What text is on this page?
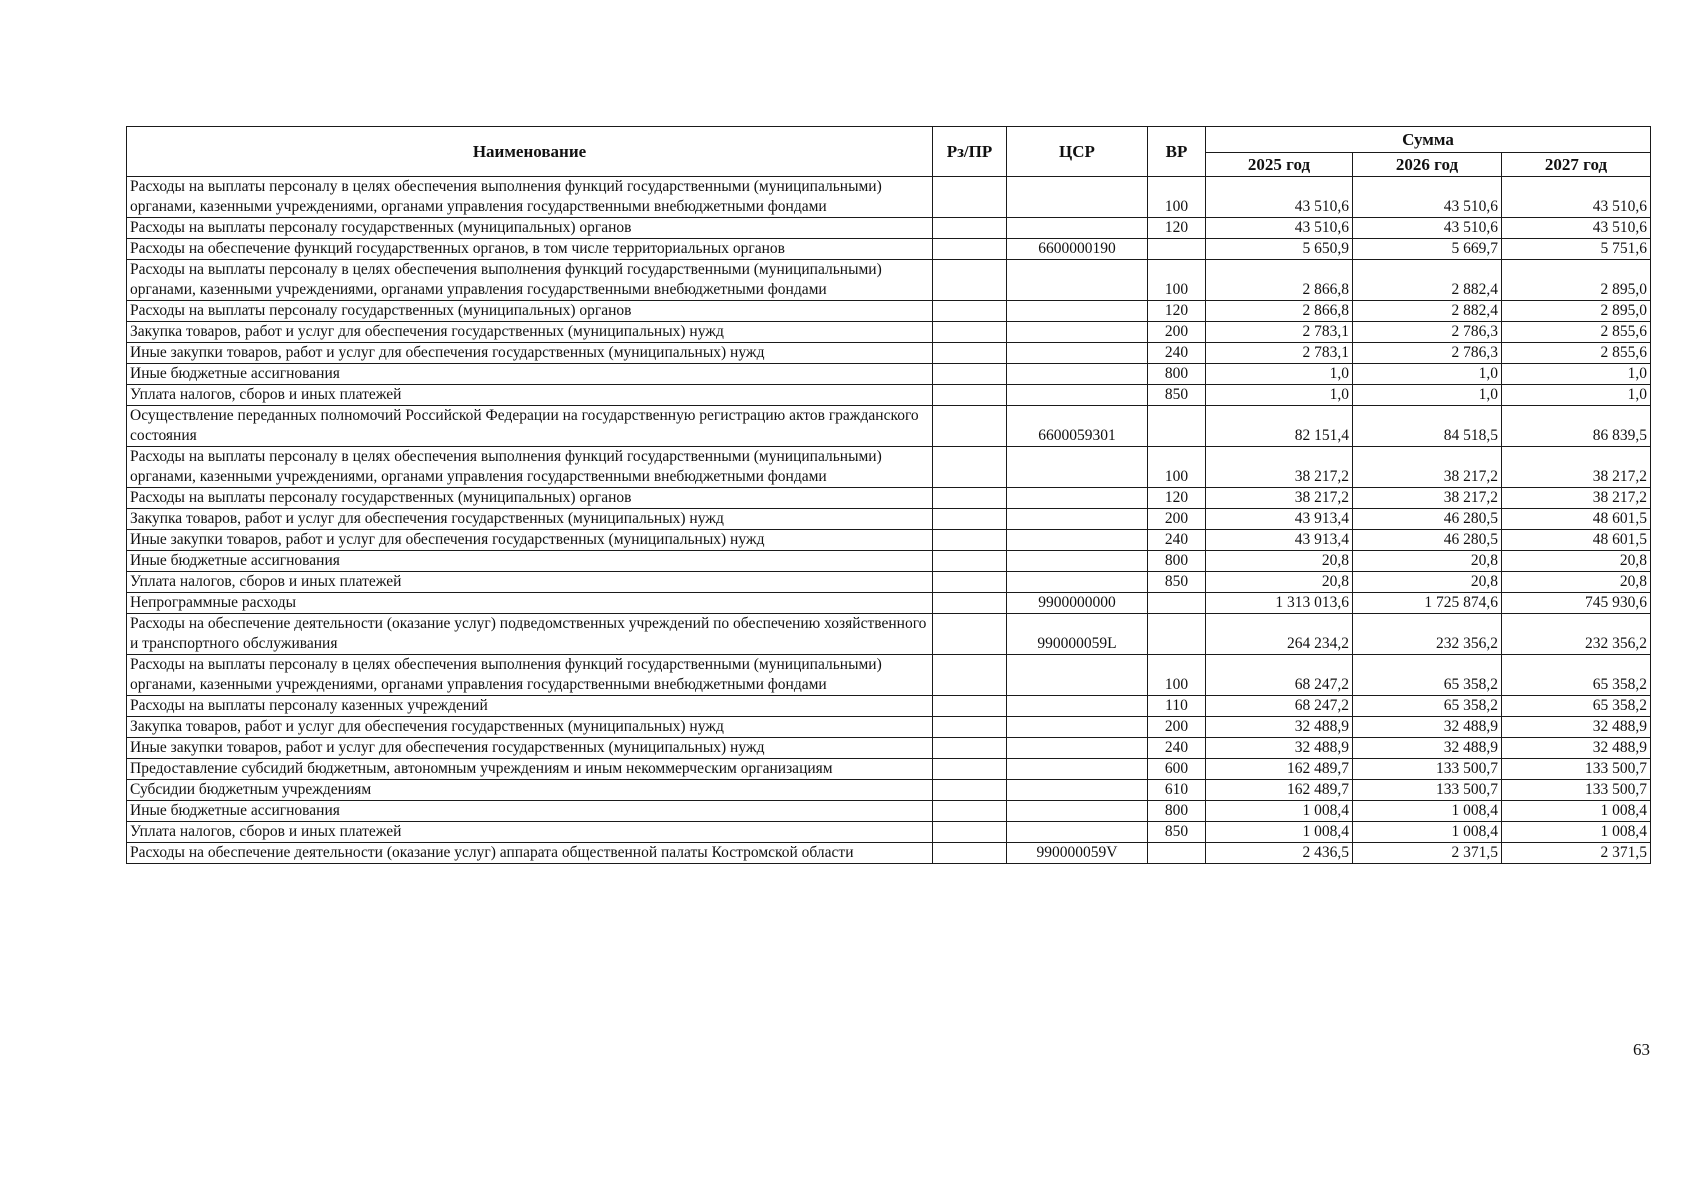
Наименование	Рз/ПР	ЦСР	ВР	Сумма		
				2025 год	2026 год	2027 год
Расходы на выплаты персоналу в целях обеспечения выполнения функций государственными (муниципальными) органами, казенными учреждениями, органами управления государственными внебюджетными фондами			100	43 510,6	43 510,6	43 510,6
Расходы на выплаты персоналу государственных (муниципальных) органов			120	43 510,6	43 510,6	43 510,6
Расходы на обеспечение функций государственных органов, в том числе территориальных органов		6600000190		5 650,9	5 669,7	5 751,6
Расходы на выплаты персоналу в целях обеспечения выполнения функций государственными (муниципальными) органами, казенными учреждениями, органами управления государственными внебюджетными фондами			100	2 866,8	2 882,4	2 895,0
Расходы на выплаты персоналу государственных (муниципальных) органов			120	2 866,8	2 882,4	2 895,0
Закупка товаров, работ и услуг для обеспечения государственных (муниципальных) нужд			200	2 783,1	2 786,3	2 855,6
Иные закупки товаров, работ и услуг для обеспечения государственных (муниципальных) нужд			240	2 783,1	2 786,3	2 855,6
Иные бюджетные ассигнования			800	1,0	1,0	1,0
Уплата налогов, сборов и иных платежей			850	1,0	1,0	1,0
Осуществление переданных полномочий Российской Федерации на государственную регистрацию актов гражданского состояния		6600059301		82 151,4	84 518,5	86 839,5
Расходы на выплаты персоналу в целях обеспечения выполнения функций государственными (муниципальными) органами, казенными учреждениями, органами управления государственными внебюджетными фондами			100	38 217,2	38 217,2	38 217,2
Расходы на выплаты персоналу государственных (муниципальных) органов			120	38 217,2	38 217,2	38 217,2
Закупка товаров, работ и услуг для обеспечения государственных (муниципальных) нужд			200	43 913,4	46 280,5	48 601,5
Иные закупки товаров, работ и услуг для обеспечения государственных (муниципальных) нужд			240	43 913,4	46 280,5	48 601,5
Иные бюджетные ассигнования			800	20,8	20,8	20,8
Уплата налогов, сборов и иных платежей			850	20,8	20,8	20,8
Непрограммные расходы		9900000000		1 313 013,6	1 725 874,6	745 930,6
Расходы на обеспечение деятельности (оказание услуг) подведомственных учреждений по обеспечению хозяйственного и транспортного обслуживания		990000059L		264 234,2	232 356,2	232 356,2
Расходы на выплаты персоналу в целях обеспечения выполнения функций государственными (муниципальными) органами, казенными учреждениями, органами управления государственными внебюджетными фондами			100	68 247,2	65 358,2	65 358,2
Расходы на выплаты персоналу казенных учреждений			110	68 247,2	65 358,2	65 358,2
Закупка товаров, работ и услуг для обеспечения государственных (муниципальных) нужд			200	32 488,9	32 488,9	32 488,9
Иные закупки товаров, работ и услуг для обеспечения государственных (муниципальных) нужд			240	32 488,9	32 488,9	32 488,9
Предоставление субсидий бюджетным, автономным учреждениям и иным некоммерческим организациям			600	162 489,7	133 500,7	133 500,7
Субсидии бюджетным учреждениям			610	162 489,7	133 500,7	133 500,7
Иные бюджетные ассигнования			800	1 008,4	1 008,4	1 008,4
Уплата налогов, сборов и иных платежей			850	1 008,4	1 008,4	1 008,4
Расходы на обеспечение деятельности (оказание услуг) аппарата общественной палаты Костромской области		990000059V		2 436,5	2 371,5	2 371,5
63
